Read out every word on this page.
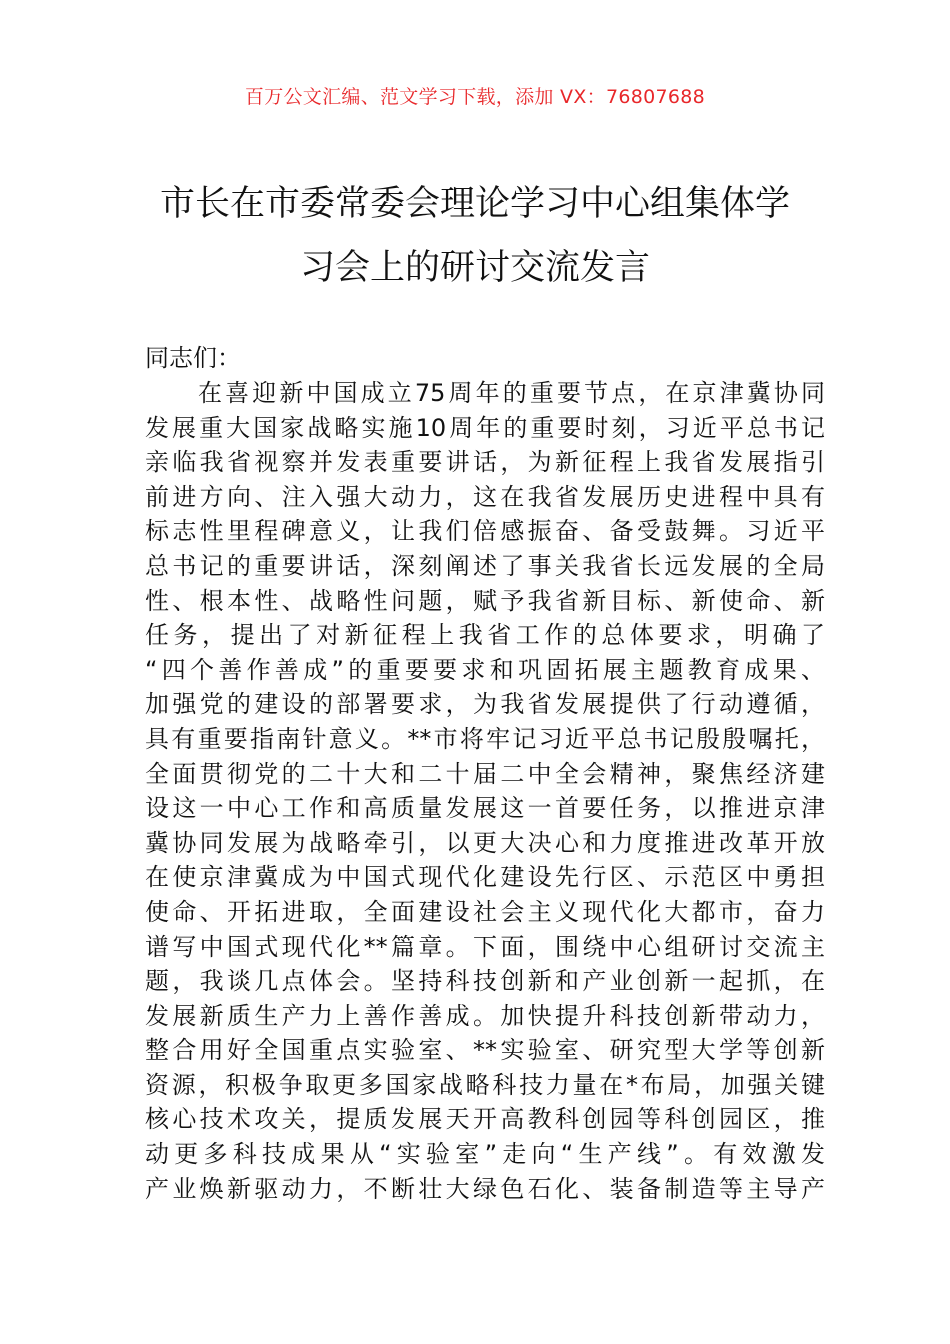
百万公文汇编、范文学习下载，添加 VX：76807688
市长在市委常委会理论学习中心组集体学
习会上的研讨交流发言

同志们：

在喜迎新中国成立75周年的重要节点，在京津冀协同
发展重大国家战略实施10周年的重要时刻，习近平总书记
亲临我省视察并发表重要讲话，为新征程上我省发展指引
前进方向、注入强大动力，这在我省发展历史进程中具有
标志性里程碑意义，让我们倍感振奋、备受鼓舞。习近平
总书记的重要讲话，深刻阐述了事关我省长远发展的全局
性、根本性、战略性问题，赋予我省新目标、新使命、新
任务，提出了对新征程上我省工作的总体要求，明确了
“四个善作善成”的重要要求和巩固拓展主题教育成果、
加强党的建设的部署要求，为我省发展提供了行动遵循，
具有重要指南针意义。**市将牢记习近平总书记殷殷嘱托，
全面贯彻党的二十大和二十届二中全会精神，聚焦经济建
设这一中心工作和高质量发展这一首要任务，以推进京津
冀协同发展为战略牵引，以更大决心和力度推进改革开放
在使京津冀成为中国式现代化建设先行区、示范区中勇担
使命、开拓进取，全面建设社会主义现代化大都市，奋力
谱写中国式现代化**篇章。下面，围绕中心组研讨交流主
题，我谈几点体会。坚持科技创新和产业创新一起抓，在
发展新质生产力上善作善成。加快提升科技创新带动力，
整合用好全国重点实验室、**实验室、研究型大学等创新
资源，积极争取更多国家战略科技力量在*布局，加强关键
核心技术攻关，提质发展天开高教科创园等科创园区，推
动更多科技成果从“实验室”走向“生产线”。有效激发
产业焕新驱动力，不断壮大绿色石化、装备制造等主导产
